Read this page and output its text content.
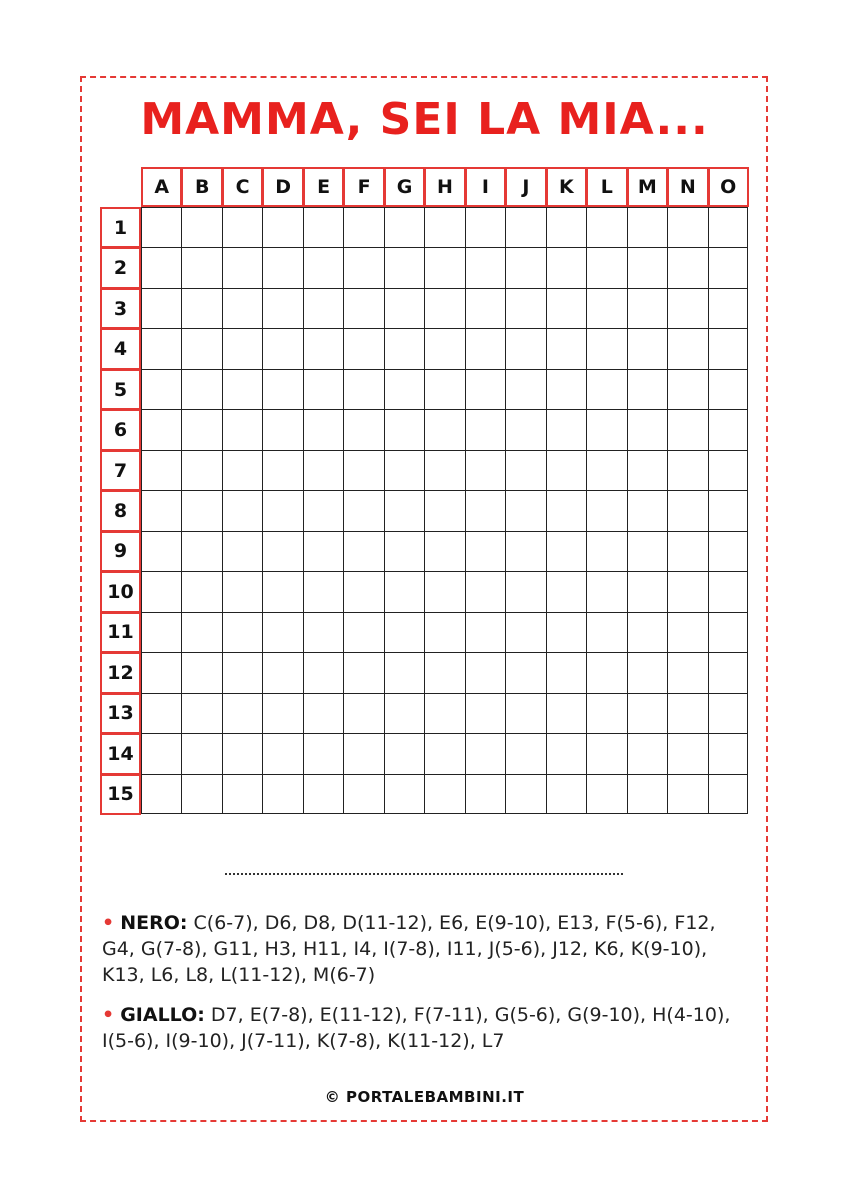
MAMMA, SEI LA MIA...
A	B	C	D	E	F	G	H	I	J	K	L	M	N	O
1
2
3
4
5
6
7
8
9
10
11
12
13
14
15

• NERO: C(6-7), D6, D8, D(11-12), E6, E(9-10), E13, F(5-6), F12, G4, G(7-8), G11, H3, H11, I4, I(7-8), I11, J(5-6), J12, K6, K(9-10), K13, L6, L8, L(11-12), M(6-7)

• GIALLO: D7, E(7-8), E(11-12), F(7-11), G(5-6), G(9-10), H(4-10), I(5-6), I(9-10), J(7-11), K(7-8), K(11-12), L7

© PORTALEBAMBINI.IT
